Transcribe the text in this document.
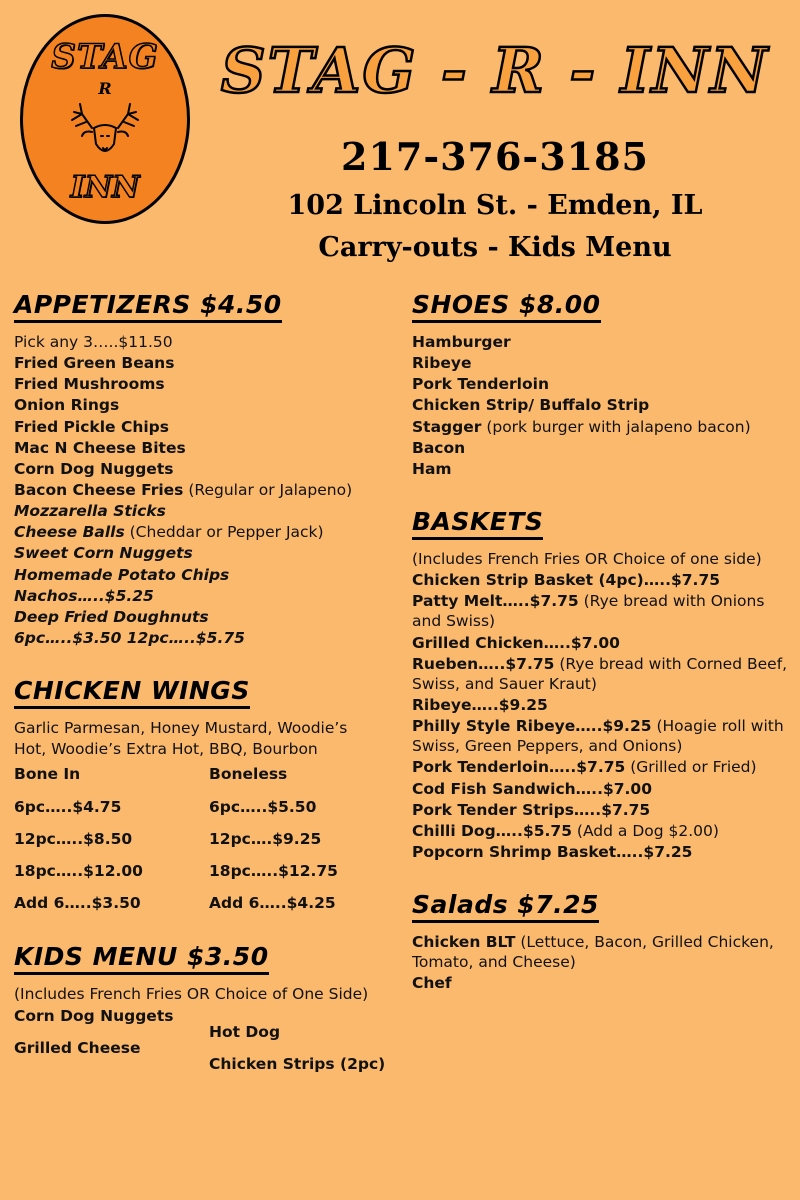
STAG
R
INN
STAG - R - INN
217-376-3185
102 Lincoln St. - Emden, IL
Carry-outs - Kids Menu
APPETIZERS $4.50
Pick any 3…..$11.50
Fried Green Beans
Fried Mushrooms
Onion Rings
Fried Pickle Chips
Mac N Cheese Bites
Corn Dog Nuggets
Bacon Cheese Fries (Regular or Jalapeno)
Mozzarella Sticks
Cheese Balls (Cheddar or Pepper Jack)
Sweet Corn Nuggets
Homemade Potato Chips
Nachos…..$5.25
Deep Fried Doughnuts
6pc…..$3.50 12pc…..$5.75
CHICKEN WINGS
Garlic Parmesan, Honey Mustard, Woodie’s
Hot, Woodie’s Extra Hot, BBQ, Bourbon
Bone In
6pc…..$4.75
12pc…..$8.50
18pc…..$12.00
Add 6…..$3.50
Boneless
6pc…..$5.50
12pc….$9.25
18pc…..$12.75
Add 6…..$4.25
KIDS MENU $3.50
(Includes French Fries OR Choice of One Side)
Corn Dog Nuggets
Grilled Cheese
Hot Dog
Chicken Strips (2pc)
SHOES $8.00
Hamburger
Ribeye
Pork Tenderloin
Chicken Strip/ Buffalo Strip
Stagger (pork burger with jalapeno bacon)
Bacon
Ham
BASKETS
(Includes French Fries OR Choice of one side)
Chicken Strip Basket (4pc)…..$7.75
Patty Melt…..$7.75 (Rye bread with Onions and Swiss)
Grilled Chicken…..$7.00
Rueben…..$7.75 (Rye bread with Corned Beef, Swiss, and Sauer Kraut)
Ribeye…..$9.25
Philly Style Ribeye…..$9.25 (Hoagie roll with Swiss, Green Peppers, and Onions)
Pork Tenderloin…..$7.75 (Grilled or Fried)
Cod Fish Sandwich…..$7.00
Pork Tender Strips…..$7.75
Chilli Dog…..$5.75 (Add a Dog $2.00)
Popcorn Shrimp Basket…..$7.25
Salads $7.25
Chicken BLT (Lettuce, Bacon, Grilled Chicken, Tomato, and Cheese)
Chef
